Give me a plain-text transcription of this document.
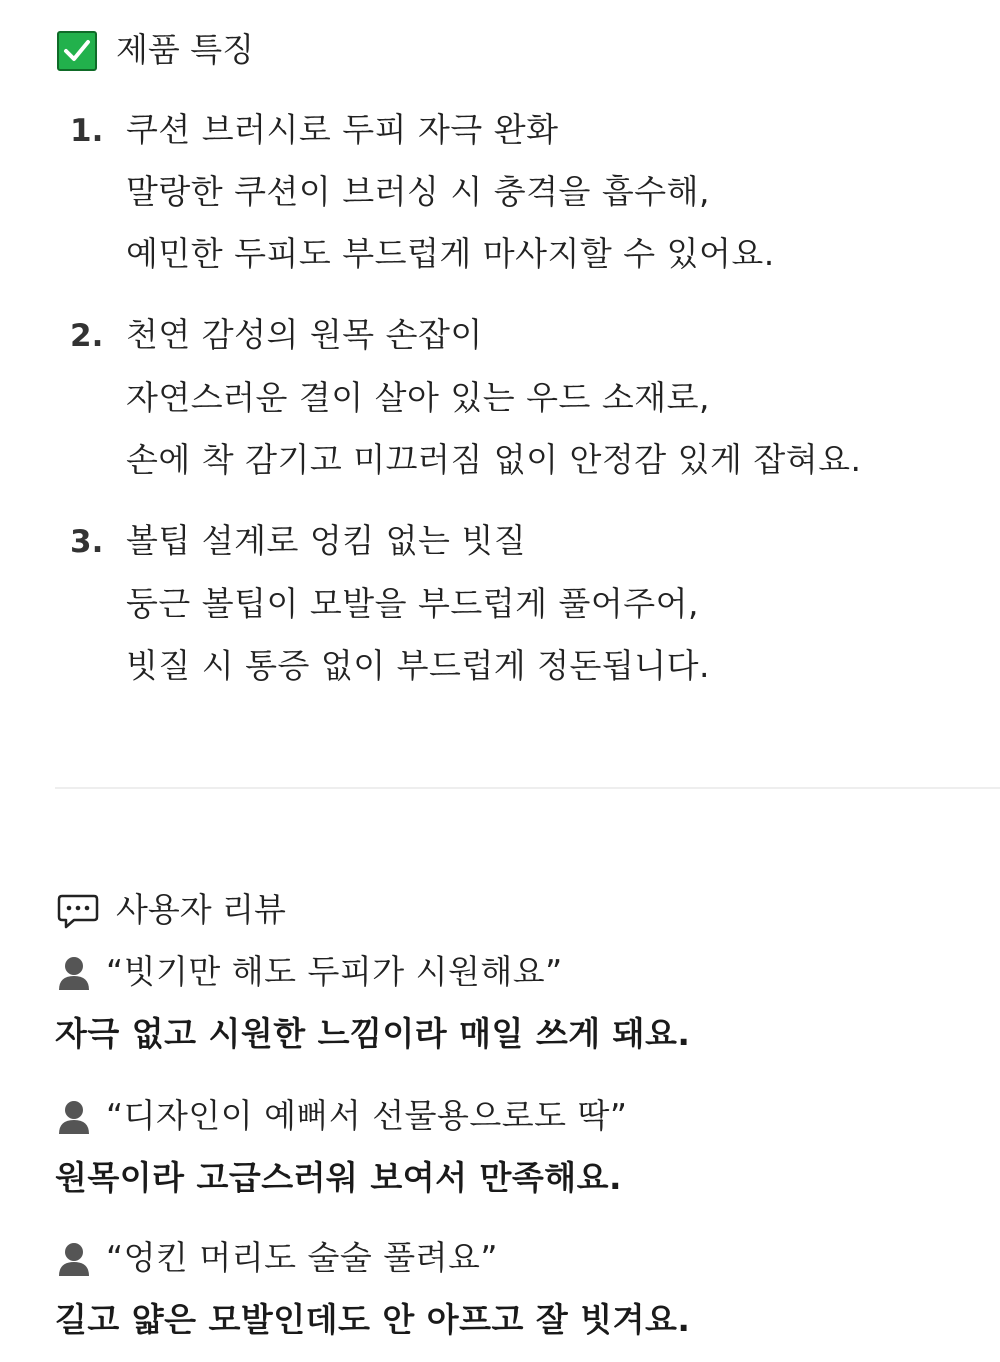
제품 특징
1. 쿠션 브러시로 두피 자극 완화
말랑한 쿠션이 브러싱 시 충격을 흡수해,
예민한 두피도 부드럽게 마사지할 수 있어요.
2. 천연 감성의 원목 손잡이
자연스러운 결이 살아 있는 우드 소재로,
손에 착 감기고 미끄러짐 없이 안정감 있게 잡혀요.
3. 볼팁 설계로 엉킴 없는 빗질
둥근 볼팁이 모발을 부드럽게 풀어주어,
빗질 시 통증 없이 부드럽게 정돈됩니다.
사용자 리뷰
“빗기만 해도 두피가 시원해요”
자극 없고 시원한 느낌이라 매일 쓰게 돼요.
“디자인이 예뻐서 선물용으로도 딱”
원목이라 고급스러워 보여서 만족해요.
“엉킨 머리도 술술 풀려요”
길고 얇은 모발인데도 안 아프고 잘 빗겨요.
